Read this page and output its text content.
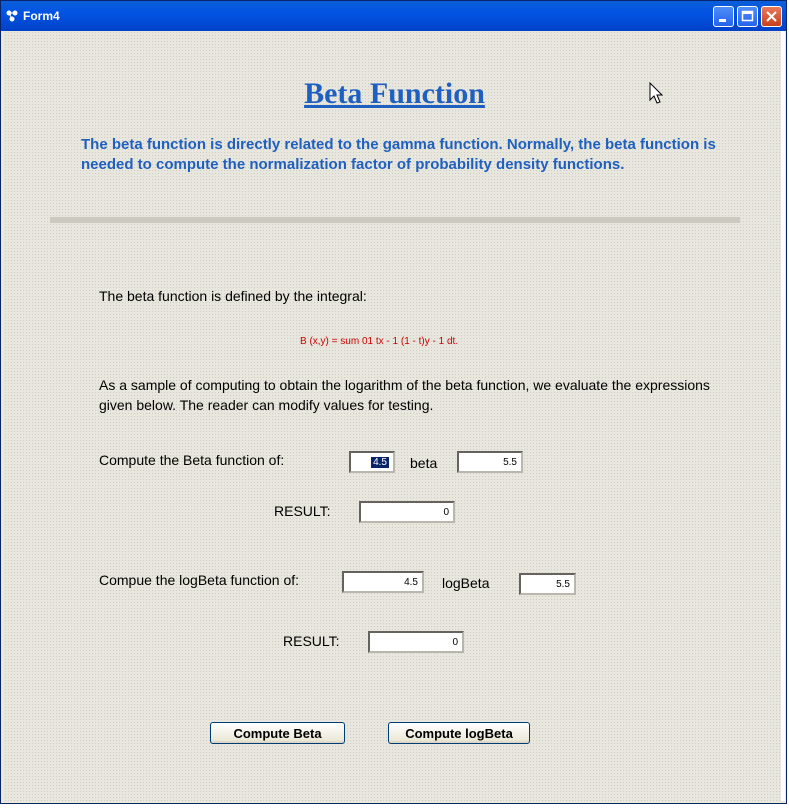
Form4
Beta Function
The beta function is directly related to the gamma function. Normally, the beta function is needed to compute the normalization factor of probability density functions.
The beta function is defined by the integral:
B (x,y) = sum 01 tx - 1 (1 - t)y - 1 dt.
As a sample of computing to obtain the logarithm of the beta function, we evaluate the expressions given below. The reader can modify values for testing.
Compute the Beta function of:	4.5	beta	5.5
RESULT:	0
Compue the logBeta function of:	4.5	logBeta	5.5
RESULT:	0
Compute Beta	Compute logBeta
